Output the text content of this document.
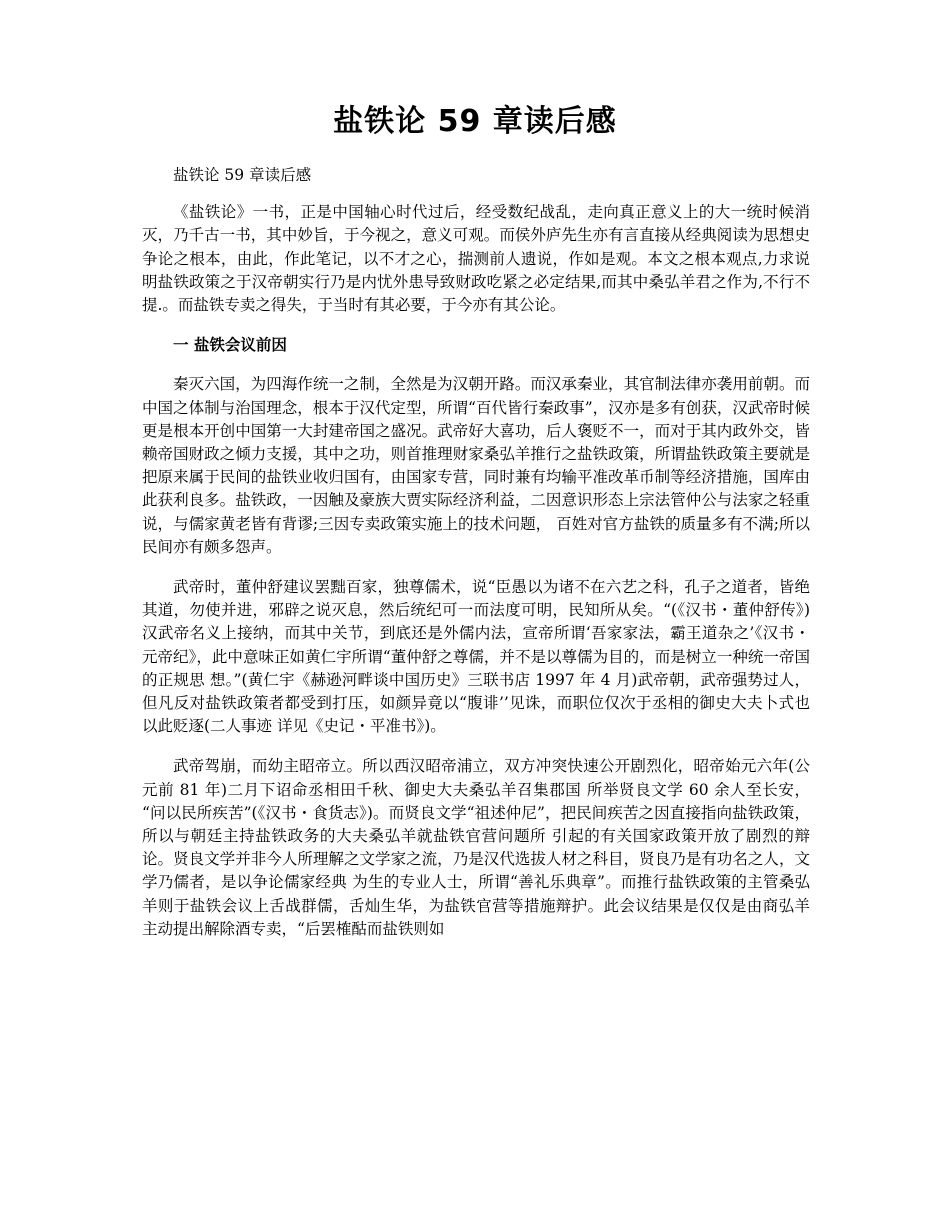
盐铁论 59 章读后感

盐铁论 59 章读后感

《盐铁论》一书，正是中国轴心时代过后，经受数纪战乱，走向真正意义上的大一统时候消灭，乃千古一书，其中妙旨，于今视之，意义可观。而侯外庐先生亦有言直接从经典阅读为思想史争论之根本，由此，作此笔记，以不才之心，揣测前人遗说，作如是观。本文之根本观点,力求说明盐铁政策之于汉帝朝实行乃是内忧外患导致财政吃紧之必定结果,而其中桑弘羊君之作为,不行不提.。而盐铁专卖之得失，于当时有其必要，于今亦有其公论。

一 盐铁会议前因

秦灭六国，为四海作统一之制，全然是为汉朝开路。而汉承秦业，其官制法律亦袭用前朝。而中国之体制与治国理念，根本于汉代定型，所谓“百代皆行秦政事”，汉亦是多有创获，汉武帝时候更是根本开创中国第一大封建帝国之盛况。武帝好大喜功，后人褒贬不一，而对于其内政外交，皆赖帝国财政之倾力支援，其中之功，则首推理财家桑弘羊推行之盐铁政策，所谓盐铁政策主要就是把原来属于民间的盐铁业收归国有，由国家专营，同时兼有均输平准改革币制等经济措施，国库由此获利良多。盐铁政，一因触及豪族大贾实际经济利益，二因意识形态上宗法管仲公与法家之轻重说，与儒家黄老皆有背谬;三因专卖政策实施上的技术问题， 百姓对官方盐铁的质量多有不满;所以民间亦有颇多怨声。

武帝时，董仲舒建议罢黜百家，独尊儒术，说“臣愚以为诸不在六艺之科，孔子之道者，皆绝其道，勿使并进，邪辟之说灭息，然后统纪可一而法度可明，民知所从矣。“(《汉书・董仲舒传》)汉武帝名义上接纳，而其中关节，到底还是外儒内法，宣帝所谓‘吾家家法，霸王道杂之’《汉书・元帝纪》，此中意味正如黄仁宇所谓“董仲舒之尊儒，并不是以尊儒为目的，而是树立一种统一帝国的正规思 想。”(黄仁宇《赫逊河畔谈中国历史》三联书店 1997 年 4 月)武帝朝，武帝强势过人，但凡反对盐铁政策者都受到打压，如颜异竟以“腹诽’’见诛，而职位仅次于丞相的御史大夫卜式也以此贬逐(二人事迹 详见《史记・平准书》)。

武帝驾崩，而幼主昭帝立。所以西汉昭帝浦立，双方冲突快速公开剧烈化，昭帝始元六年(公元前 81 年)二月下诏命丞相田千秋、御史大夫桑弘羊召集郡国 所举贤良文学 60 余人至长安， “问以民所疾苦”(《汉书・食货志》)。而贤良文学“祖述仲尼”，把民间疾苦之因直接指向盐铁政策，所以与朝廷主持盐铁政务的大夫桑弘羊就盐铁官营问题所 引起的有关国家政策开放了剧烈的辩论。贤良文学并非今人所理解之文学家之流，乃是汉代选拔人材之科目，贤良乃是有功名之人，文学乃儒者，是以争论儒家经典 为生的专业人士，所谓“善礼乐典章”。而推行盐铁政策的主管桑弘羊则于盐铁会议上舌战群儒，舌灿生华，为盐铁官营等措施辩护。此会议结果是仅仅是由商弘羊 主动提出解除酒专卖，“后罢榷酤而盐铁则如
